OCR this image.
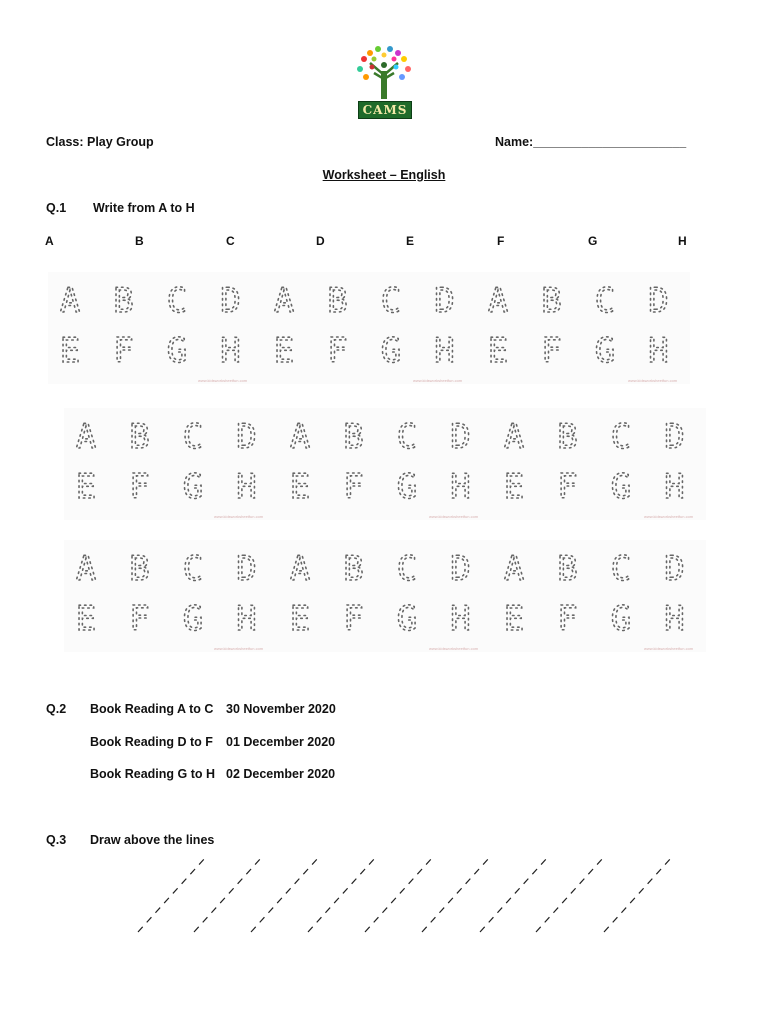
CAMS
Class: Play Group	Name:______________________
Worksheet – English
Q.1 Write from A to H
A	B	C	D	E	F	G	H
A B C D A B C D A B C D
E F G H E F G H E F G H
www.kidsworksheetfun.com	www.kidsworksheetfun.com	www.kidsworksheetfun.com
A B C D A B C D A B C D
E F G H E F G H E F G H
www.kidsworksheetfun.com	www.kidsworksheetfun.com	www.kidsworksheetfun.com
A B C D A B C D A B C D
E F G H E F G H E F G H
www.kidsworksheetfun.com	www.kidsworksheetfun.com	www.kidsworksheetfun.com
Q.2 Book Reading A to C 30 November 2020
Book Reading D to F 01 December 2020
Book Reading G to H 02 December 2020
Q.3 Draw above the lines
